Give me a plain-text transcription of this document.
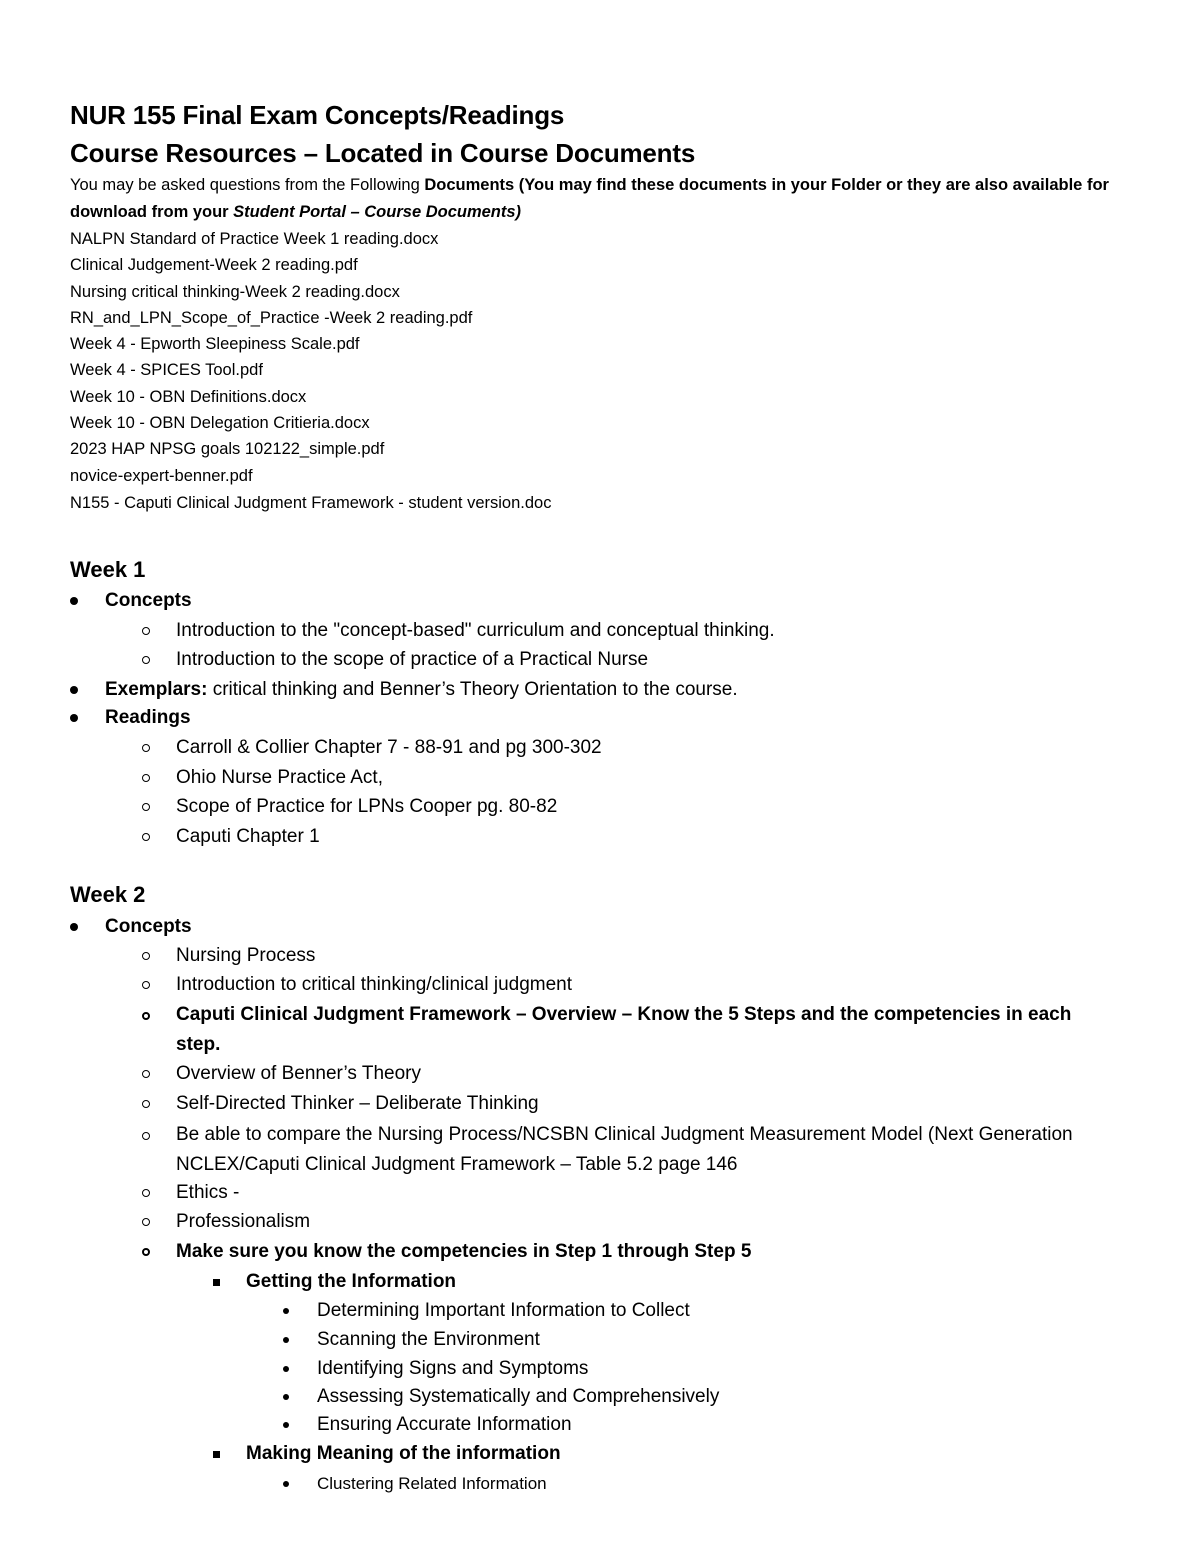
NUR 155 Final Exam Concepts/Readings
Course Resources – Located in Course Documents
You may be asked questions from the Following Documents (You may find these documents in your Folder or they are also available for download from your Student Portal – Course Documents)
NALPN Standard of Practice Week 1 reading.docx
Clinical Judgement-Week 2 reading.pdf
Nursing critical thinking-Week 2 reading.docx
RN_and_LPN_Scope_of_Practice -Week 2 reading.pdf
Week 4 - Epworth Sleepiness Scale.pdf
Week 4 - SPICES Tool.pdf
Week 10 - OBN Definitions.docx
Week 10 - OBN Delegation Critieria.docx
2023 HAP NPSG goals 102122_simple.pdf
novice-expert-benner.pdf
N155 - Caputi Clinical Judgment Framework - student version.doc
Week 1
Concepts
Introduction to the "concept-based" curriculum and conceptual thinking.
Introduction to the scope of practice of a Practical Nurse
Exemplars: critical thinking and Benner’s Theory Orientation to the course.
Readings
Carroll & Collier Chapter 7 - 88-91 and pg 300-302
Ohio Nurse Practice Act,
Scope of Practice for LPNs Cooper pg. 80-82
Caputi Chapter 1
Week 2
Concepts
Nursing Process
Introduction to critical thinking/clinical judgment
Caputi Clinical Judgment Framework – Overview – Know the 5 Steps and the competencies in each step.
Overview of Benner’s Theory
Self-Directed Thinker – Deliberate Thinking
Be able to compare the Nursing Process/NCSBN Clinical Judgment Measurement Model (Next Generation NCLEX/Caputi Clinical Judgment Framework – Table 5.2 page 146
Ethics -
Professionalism
Make sure you know the competencies in Step 1 through Step 5
Getting the Information
Determining Important Information to Collect
Scanning the Environment
Identifying Signs and Symptoms
Assessing Systematically and Comprehensively
Ensuring Accurate Information
Making Meaning of the information
Clustering Related Information
